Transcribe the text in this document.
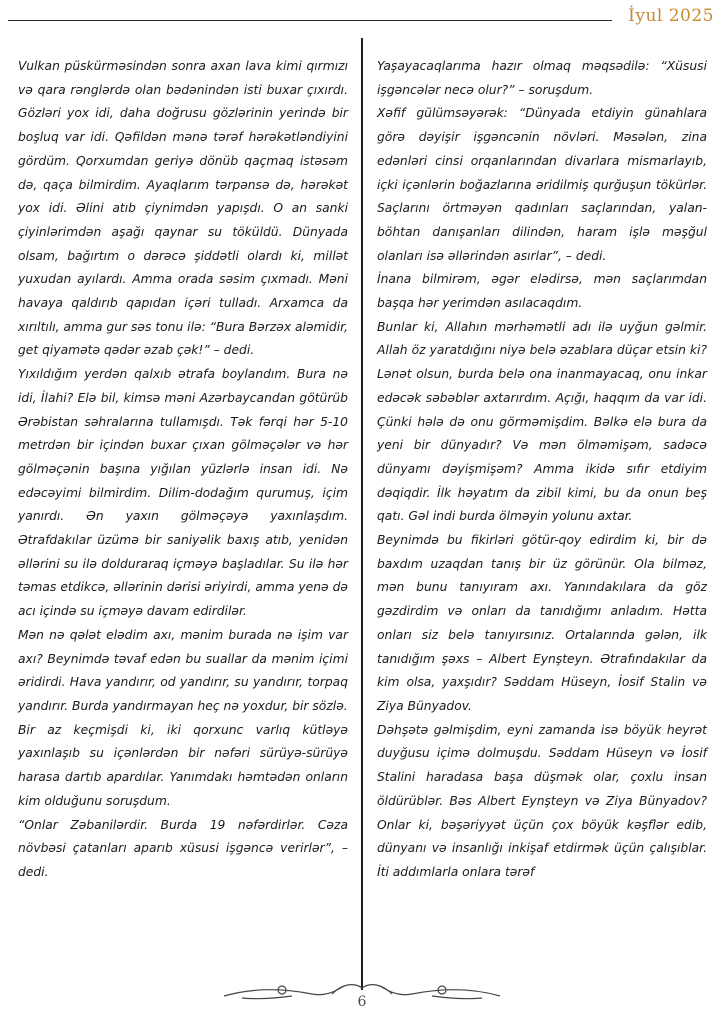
İyul 2025

Vulkan püskürməsindən sonra axan lava kimi qırmızı və qara rənglərdə olan bədənindən isti buxar çıxırdı. Gözləri yox idi, daha doğrusu gözlərinin yerində bir boşluq var idi. Qəfildən mənə tərəf hərəkətləndiyini gördüm. Qorxumdan geriyə dönüb qaçmaq istəsəm də, qaça bilmirdim. Ayaqlarım tərpənsə də, hərəkət yox idi. Əlini atıb çiynimdən yapışdı. O an sanki çiyinlərimdən aşağı qaynar su töküldü. Dünyada olsam, bağırtım o dərəcə şiddətli olardı ki, millət yuxudan ayılardı. Amma orada səsim çıxmadı. Məni havaya qaldırıb qapıdan içəri tulladı. Arxamca da xırıltılı, amma gur səs tonu ilə: “Bura Bərzəx aləmidir, get qiyamətə qədər əzab çək!” – dedi.

Yıxıldığım yerdən qalxıb ətrafa boylandım. Bura nə idi, İlahi? Elə bil, kimsə məni Azərbaycandan götürüb Ərəbistan səhralarına tullamışdı. Tək fərqi hər 5-10 metrdən bir içindən buxar çıxan gölməçələr və hər gölməçənin başına yığılan yüzlərlə insan idi. Nə edəcəyimi bilmirdim. Dilim-dodağım qurumuş, içim yanırdı. Ən yaxın gölməçəyə yaxınlaşdım. Ətrafdakılar üzümə bir saniyəlik baxış atıb, yenidən əllərini su ilə dolduraraq içməyə başladılar. Su ilə hər təmas etdikcə, əllərinin dərisi əriyirdi, amma yenə də acı içində su içməyə davam edirdilər.

Mən nə qələt elədim axı, mənim burada nə işim var axı? Beynimdə təvaf edən bu suallar da mənim içimi əridirdi. Hava yandırır, od yandırır, su yandırır, torpaq yandırır. Burda yandırmayan heç nə yoxdur, bir sözlə.

Bir az keçmişdi ki, iki qorxunc varlıq kütləyə yaxınlaşıb su içənlərdən bir nəfəri sürüyə-sürüyə harasa dartıb apardılar. Yanımdakı həmtədən onların kim olduğunu soruşdum.

“Onlar Zəbanilərdir. Burda 19 nəfərdirlər. Cəza növbəsi çatanları aparıb xüsusi işgəncə verirlər”, – dedi.

Yaşayacaqlarıma hazır olmaq məqsədilə: “Xüsusi işgəncələr necə olur?” – soruşdum.

Xəfif gülümsəyərək: “Dünyada etdiyin günahlara görə dəyişir işgəncənin növləri. Məsələn, zina edənləri cinsi orqanlarından divarlara mismarlayıb, içki içənlərin boğazlarına əridilmiş qurğuşun tökürlər. Saçlarını örtməyən qadınları saçlarından, yalan-böhtan danışanları dilindən, haram işlə məşğul olanları isə əllərindən asırlar”, – dedi.

İnana bilmirəm, əgər elədirsə, mən saçlarımdan başqa hər yerimdən asılacaqdım.

Bunlar ki, Allahın mərhəmətli adı ilə uyğun gəlmir. Allah öz yaratdığını niyə belə əzablara düçar etsin ki? Lənət olsun, burda belə ona inanmayacaq, onu inkar edəcək səbəblər axtarırdım. Açığı, haqqım da var idi. Çünki hələ də onu görməmişdim. Bəlkə elə bura da yeni bir dünyadır? Və mən ölməmişəm, sadəcə dünyamı dəyişmişəm? Amma ikidə sıfır etdiyim dəqiqdir. İlk həyatım da zibil kimi, bu da onun beş qatı. Gəl indi burda ölməyin yolunu axtar.

Beynimdə bu fikirləri götür-qoy edirdim ki, bir də baxdım uzaqdan tanış bir üz görünür. Ola bilməz, mən bunu tanıyıram axı. Yanındakılara da göz gəzdirdim və onları da tanıdığımı anladım. Hətta onları siz belə tanıyırsınız. Ortalarında gələn, ilk tanıdığım şəxs – Albert Eynşteyn. Ətrafındakılar da kim olsa, yaxşıdır? Səddam Hüseyn, İosif Stalin və Ziya Bünyadov.

Dəhşətə gəlmişdim, eyni zamanda isə böyük heyrət duyğusu içimə dolmuşdu. Səddam Hüseyn və İosif Stalini haradasa başa düşmək olar, çoxlu insan öldürüblər. Bəs Albert Eynşteyn və Ziya Bünyadov? Onlar ki, bəşəriyyət üçün çox böyük kəşflər edib, dünyanı və insanlığı inkişaf etdirmək üçün çalışıblar. İti addımlarla onlara tərəf

6
